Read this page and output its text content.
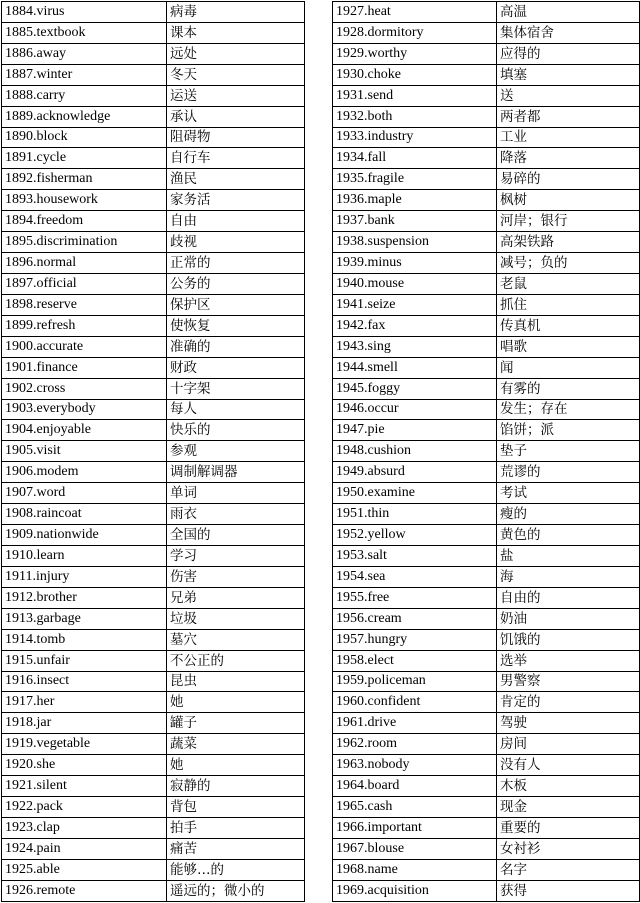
1884.virus	病毒
1885.textbook	课本
1886.away	远处
1887.winter	冬天
1888.carry	运送
1889.acknowledge	承认
1890.block	阻碍物
1891.cycle	自行车
1892.fisherman	渔民
1893.housework	家务活
1894.freedom	自由
1895.discrimination	歧视
1896.normal	正常的
1897.official	公务的
1898.reserve	保护区
1899.refresh	使恢复
1900.accurate	准确的
1901.finance	财政
1902.cross	十字架
1903.everybody	每人
1904.enjoyable	快乐的
1905.visit	参观
1906.modem	调制解调器
1907.word	单词
1908.raincoat	雨衣
1909.nationwide	全国的
1910.learn	学习
1911.injury	伤害
1912.brother	兄弟
1913.garbage	垃圾
1914.tomb	墓穴
1915.unfair	不公正的
1916.insect	昆虫
1917.her	她
1918.jar	罐子
1919.vegetable	蔬菜
1920.she	她
1921.silent	寂静的
1922.pack	背包
1923.clap	拍手
1924.pain	痛苦
1925.able	能够…的
1926.remote	遥远的；微小的
1927.heat	高温
1928.dormitory	集体宿舍
1929.worthy	应得的
1930.choke	填塞
1931.send	送
1932.both	两者都
1933.industry	工业
1934.fall	降落
1935.fragile	易碎的
1936.maple	枫树
1937.bank	河岸；银行
1938.suspension	高架铁路
1939.minus	减号；负的
1940.mouse	老鼠
1941.seize	抓住
1942.fax	传真机
1943.sing	唱歌
1944.smell	闻
1945.foggy	有雾的
1946.occur	发生；存在
1947.pie	馅饼；派
1948.cushion	垫子
1949.absurd	荒谬的
1950.examine	考试
1951.thin	瘦的
1952.yellow	黄色的
1953.salt	盐
1954.sea	海
1955.free	自由的
1956.cream	奶油
1957.hungry	饥饿的
1958.elect	选举
1959.policeman	男警察
1960.confident	肯定的
1961.drive	驾驶
1962.room	房间
1963.nobody	没有人
1964.board	木板
1965.cash	现金
1966.important	重要的
1967.blouse	女衬衫
1968.name	名字
1969.acquisition	获得
